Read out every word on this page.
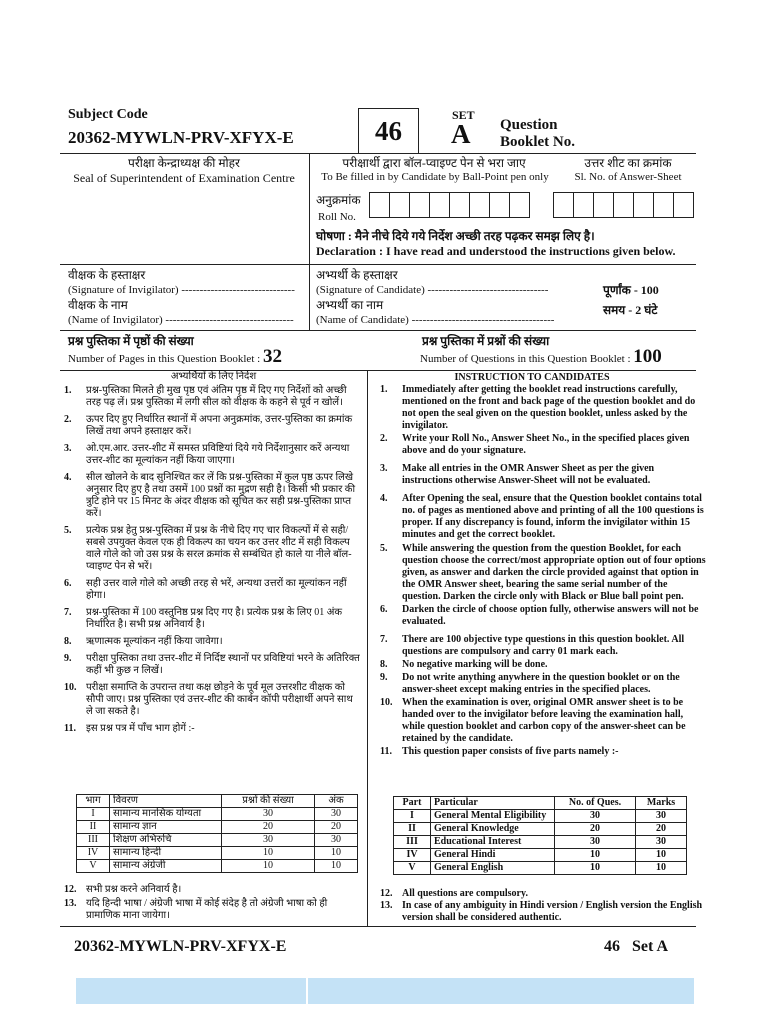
Subject Code
20362-MYWLN-PRV-XFYX-E	46
SET
A Question
Booklet No.
परीक्षा केन्द्राध्यक्ष की मोहर
Seal of Superintendent of Examination Centre
परीक्षार्थी द्वारा बॉल-प्वाइण्ट पेन से भरा जाए
To Be filled in by Candidate by Ball-Point pen only
उत्तर शीट का क्रमांक
Sl. No. of Answer-Sheet
अनुक्रमांक
Roll No.
घोषणा : मैने नीचे दिये गये निर्देश अच्छी तरह पढ़कर समझ लिए है।
Declaration : I have read and understood the instructions given below.
वीक्षक के हस्ताक्षर
(Signature of Invigilator) -------------------------------
वीक्षक के नाम
(Name of Invigilator) -----------------------------------
अभ्यर्थी के हस्ताक्षर
(Signature of Candidate) ---------------------------------
अभ्यर्थी का नाम
(Name of Candidate) ---------------------------------------
पूर्णांक - 100
समय - 2 घंटे
प्रश्न पुस्तिका में पृष्ठों की संख्या
Number of Pages in this Question Booklet : 32
प्रश्न पुस्तिका में प्रश्नों की संख्या
Number of Questions in this Question Booklet : 100
अभ्यर्थियों के लिए निर्देश
1. प्रश्न-पुस्तिका मिलते ही मुख पृष्ठ एवं अंतिम पृष्ठ में दिए गए निर्देशों को अच्छी तरह पढ़ लें। प्रश्न पुस्तिका में लगी सील को वीक्षक के कहने से पूर्व न खोलें।
2. ऊपर दिए हुए निर्धारित स्थानों में अपना अनुक्रमांक, उत्तर-पुस्तिका का क्रमांक लिखें तथा अपने हस्ताक्षर करें।
3. ओ.एम.आर. उत्तर-शीट में समस्त प्रविष्टियां दिये गये निर्देशानुसार करें अन्यथा उत्तर-शीट का मूल्यांकन नहीं किया जाएगा।
4. सील खोलने के बाद सुनिश्चित कर लें कि प्रश्न-पुस्तिका में कुल पृष्ठ ऊपर लिखे अनुसार दिए हुए है तथा उसमें 100 प्रश्नों का मुद्रण सही है। किसी भी प्रकार की त्रुटि होने पर 15 मिनट के अंदर वीक्षक को सूचित कर सही प्रश्न-पुस्तिका प्राप्त करें।
5. प्रत्येक प्रश्न हेतु प्रश्न-पुस्तिका में प्रश्न के नीचे दिए गए चार विकल्पों में से सही/सबसे उपयुक्त केवल एक ही विकल्प का चयन कर उत्तर शीट में सही विकल्प वाले गोले को जो उस प्रश्न के सरल क्रमांक से सम्बंधित हो काले या नीले बॉल-प्वाइण्ट पेन से भरें।
6. सही उत्तर वाले गोले को अच्छी तरह से भरें, अन्यथा उत्तरों का मूल्यांकन नहीं होगा।
7. प्रश्न-पुस्तिका में 100 वस्तुनिष्ठ प्रश्न दिए गए है। प्रत्येक प्रश्न के लिए 01 अंक निर्धारित है। सभी प्रश्न अनिवार्य है।
8. ऋणात्मक मूल्यांकन नहीं किया जावेगा।
9. परीक्षा पुस्तिका तथा उत्तर-शीट में निर्दिष्ट स्थानों पर प्रविष्टियां भरने के अतिरिक्त कहीं भी कुछ न लिखें।
10. परीक्षा समाप्ति के उपरान्त तथा कक्ष छोड़ने के पूर्व मूल उत्तरशीट वीक्षक को सौपी जाए। प्रश्न पुस्तिका एवं उत्तर-शीट की कार्बन कॉपी परीक्षार्थी अपने साथ ले जा सकते है।
11. इस प्रश्न पत्र में पाँच भाग होगें :-
भाग	विवरण	प्रश्नों की संख्या	अंक
I	सामान्य मानसिक योग्यता	30	30
II	सामान्य ज्ञान	20	20
III	शिक्षण अभिरुचि	30	30
IV	सामान्य हिन्दी	10	10
V	सामान्य अंग्रेजी	10	10
12. सभी प्रश्न करने अनिवार्य है।
13. यदि हिन्दी भाषा / अंग्रेजी भाषा में कोई संदेह है तो अंग्रेजी भाषा को ही प्रामाणिक माना जायेगा।
INSTRUCTION TO CANDIDATES
1. Immediately after getting the booklet read instructions carefully, mentioned on the front and back page of the question booklet and do not open the seal given on the question booklet, unless asked by the invigilator.
2. Write your Roll No., Answer Sheet No., in the specified places given above and do your signature.
3. Make all entries in the OMR Answer Sheet as per the given instructions otherwise Answer-Sheet will not be evaluated.
4. After Opening the seal, ensure that the Question booklet contains total no. of pages as mentioned above and printing of all the 100 questions is proper. If any discrepancy is found, inform the invigilator within 15 minutes and get the correct booklet.
5. While answering the question from the question Booklet, for each question choose the correct/most appropriate option out of four options given, as answer and darken the circle provided against that option in the OMR Answer sheet, bearing the same serial number of the question. Darken the circle only with Black or Blue ball point pen.
6. Darken the circle of choose option fully, otherwise answers will not be evaluated.
7. There are 100 objective type questions in this question booklet. All questions are compulsory and carry 01 mark each.
8. No negative marking will be done.
9. Do not write anything anywhere in the question booklet or on the answer-sheet except making entries in the specified places.
10. When the examination is over, original OMR answer sheet is to be handed over to the invigilator before leaving the examination hall, while question booklet and carbon copy of the answer-sheet can be retained by the candidate.
11. This question paper consists of five parts namely :-
Part	Particular	No. of Ques.	Marks
I	General Mental Eligibility	30	30
II	General Knowledge	20	20
III	Educational Interest	30	30
IV	General Hindi	10	10
V	General English	10	10
12. All questions are compulsory.
13. In case of any ambiguity in Hindi version / English version the English version shall be considered authentic.
20362-MYWLN-PRV-XFYX-E	46   Set A
